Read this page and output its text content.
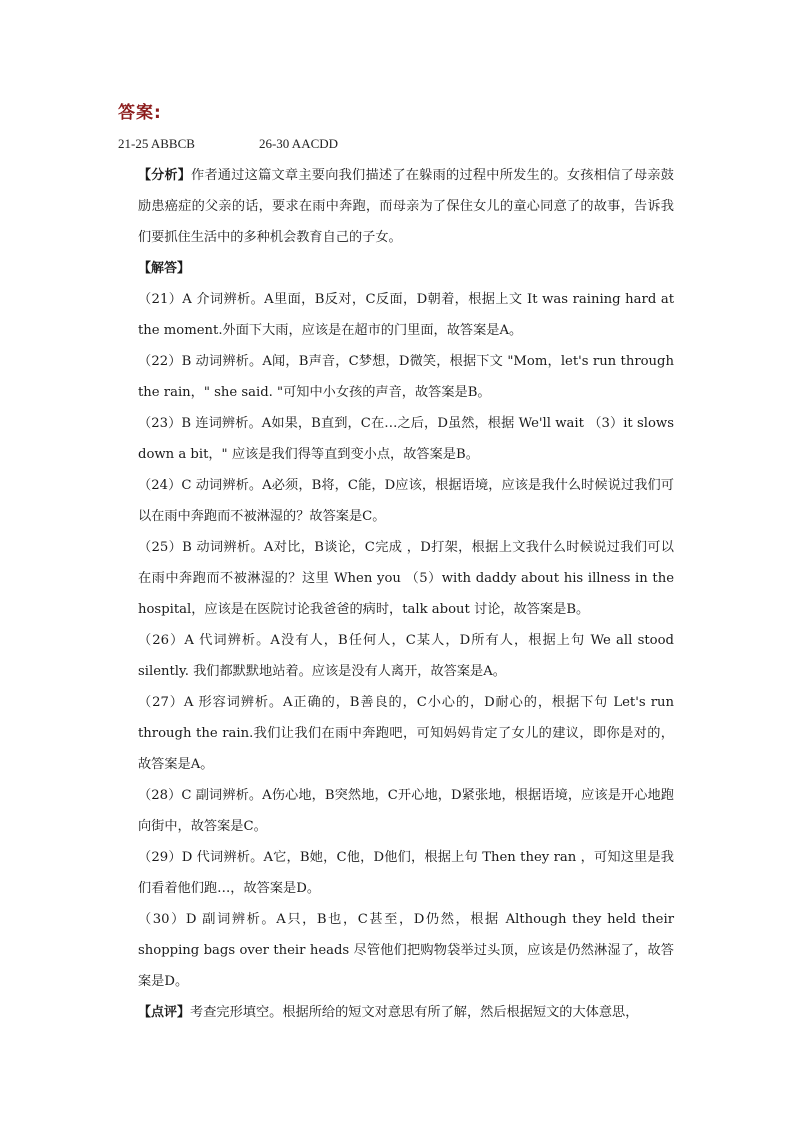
答案:
21-25 ABBCB	26-30 AACDD

【分析】作者通过这篇文章主要向我们描述了在躲雨的过程中所发生的。女孩相信了母亲鼓励患癌症的父亲的话，要求在雨中奔跑，而母亲为了保住女儿的童心同意了的故事，告诉我们要抓住生活中的多种机会教育自己的子女。

【解答】

（21）A 介词辨析。A里面，B反对，C反面，D朝着，根据上文 It was raining hard at the moment.外面下大雨，应该是在超市的门里面，故答案是A。

（22）B 动词辨析。A闻，B声音，C梦想，D微笑，根据下文 "Mom，let's run through the rain，" she said. "可知中小女孩的声音，故答案是B。

（23）B 连词辨析。A如果，B直到，C在…之后，D虽然，根据 We'll wait （3）it slows down a bit，" 应该是我们得等直到变小点，故答案是B。

（24）C 动词辨析。A必须，B将，C能，D应该，根据语境，应该是我什么时候说过我们可以在雨中奔跑而不被淋湿的？故答案是C。

（25）B 动词辨析。A对比，B谈论，C完成 ，D打架，根据上文我什么时候说过我们可以在雨中奔跑而不被淋湿的？这里 When you （5）with daddy about his illness in the hospital，应该是在医院讨论我爸爸的病时，talk about 讨论，故答案是B。

（26）A 代词辨析。A没有人，B任何人，C某人，D所有人，根据上句 We all stood silently. 我们都默默地站着。应该是没有人离开，故答案是A。

（27）A 形容词辨析。A正确的，B善良的，C小心的，D耐心的，根据下句 Let's run through the rain.我们让我们在雨中奔跑吧，可知妈妈肯定了女儿的建议，即你是对的，故答案是A。

（28）C 副词辨析。A伤心地，B突然地，C开心地，D紧张地，根据语境，应该是开心地跑向街中，故答案是C。

（29）D 代词辨析。A它，B她，C他，D他们，根据上句 Then they ran ，可知这里是我们看着他们跑…，故答案是D。

（30）D 副词辨析。A只，B也，C甚至，D仍然，根据 Although they held their shopping bags over their heads 尽管他们把购物袋举过头顶，应该是仍然淋湿了，故答案是D。

【点评】考查完形填空。根据所给的短文对意思有所了解，然后根据短文的大体意思，
